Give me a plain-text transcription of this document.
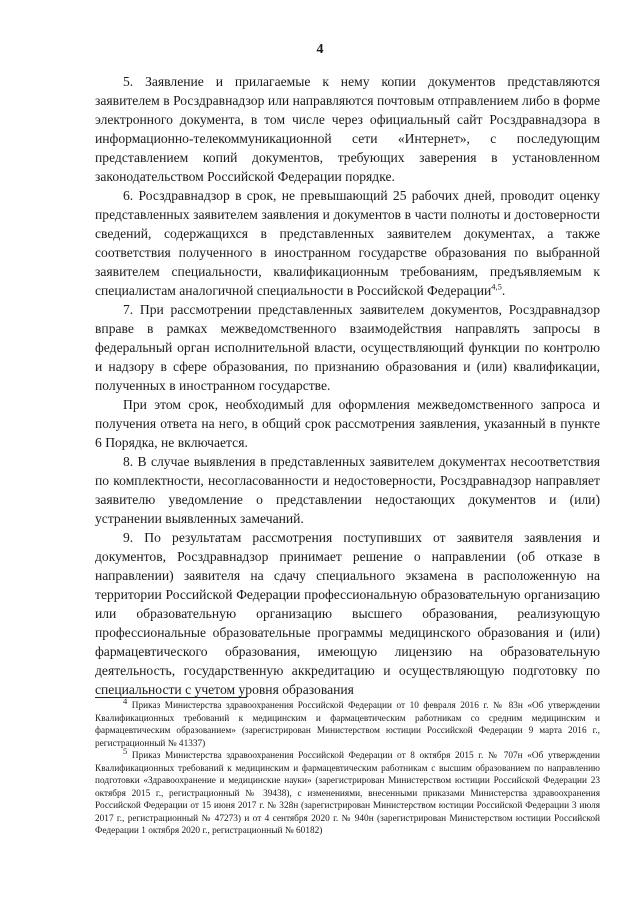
4

5. Заявление и прилагаемые к нему копии документов представляются заявителем в Росздравнадзор или направляются почтовым отправлением либо в форме электронного документа, в том числе через официальный сайт Росздравнадзора в информационно-телекоммуникационной сети «Интернет», с последующим представлением копий документов, требующих заверения в установленном законодательством Российской Федерации порядке.

6. Росздравнадзор в срок, не превышающий 25 рабочих дней, проводит оценку представленных заявителем заявления и документов в части полноты и достоверности сведений, содержащихся в представленных заявителем документах, а также соответствия полученного в иностранном государстве образования по выбранной заявителем специальности, квалификационным требованиям, предъявляемым к специалистам аналогичной специальности в Российской Федерации$^{4,5}$.

7. При рассмотрении представленных заявителем документов, Росздравнадзор вправе в рамках межведомственного взаимодействия направлять запросы в федеральный орган исполнительной власти, осуществляющий функции по контролю и надзору в сфере образования, по признанию образования и (или) квалификации, полученных в иностранном государстве.

При этом срок, необходимый для оформления межведомственного запроса и получения ответа на него, в общий срок рассмотрения заявления, указанный в пункте 6 Порядка, не включается.

8. В случае выявления в представленных заявителем документах несоответствия по комплектности, несогласованности и недостоверности, Росздравнадзор направляет заявителю уведомление о представлении недостающих документов и (или) устранении выявленных замечаний.

9. По результатам рассмотрения поступивших от заявителя заявления и документов, Росздравнадзор принимает решение о направлении (об отказе в направлении) заявителя на сдачу специального экзамена в расположенную на территории Российской Федерации профессиональную образовательную организацию или образовательную организацию высшего образования, реализующую профессиональные образовательные программы медицинского образования и (или) фармацевтического образования, имеющую лицензию на образовательную деятельность, государственную аккредитацию и осуществляющую подготовку по специальности с учетом уровня образования

$^4$ Приказ Министерства здравоохранения Российской Федерации от 10 февраля 2016 г. № 83н «Об утверждении Квалификационных требований к медицинским и фармацевтическим работникам со средним медицинским и фармацевтическим образованием» (зарегистрирован Министерством юстиции Российской Федерации 9 марта 2016 г., регистрационный № 41337)

$^5$ Приказ Министерства здравоохранения Российской Федерации от 8 октября 2015 г. № 707н «Об утверждении Квалификационных требований к медицинским и фармацевтическим работникам с высшим образованием по направлению подготовки «Здравоохранение и медицинские науки» (зарегистрирован Министерством юстиции Российской Федерации 23 октября 2015 г., регистрационный № 39438), с изменениями, внесенными приказами Министерства здравоохранения Российской Федерации от 15 июня 2017 г. № 328н (зарегистрирован Министерством юстиции Российской Федерации 3 июля 2017 г., регистрационный № 47273) и от 4 сентября 2020 г. № 940н (зарегистрирован Министерством юстиции Российской Федерации 1 октября 2020 г., регистрационный № 60182)
